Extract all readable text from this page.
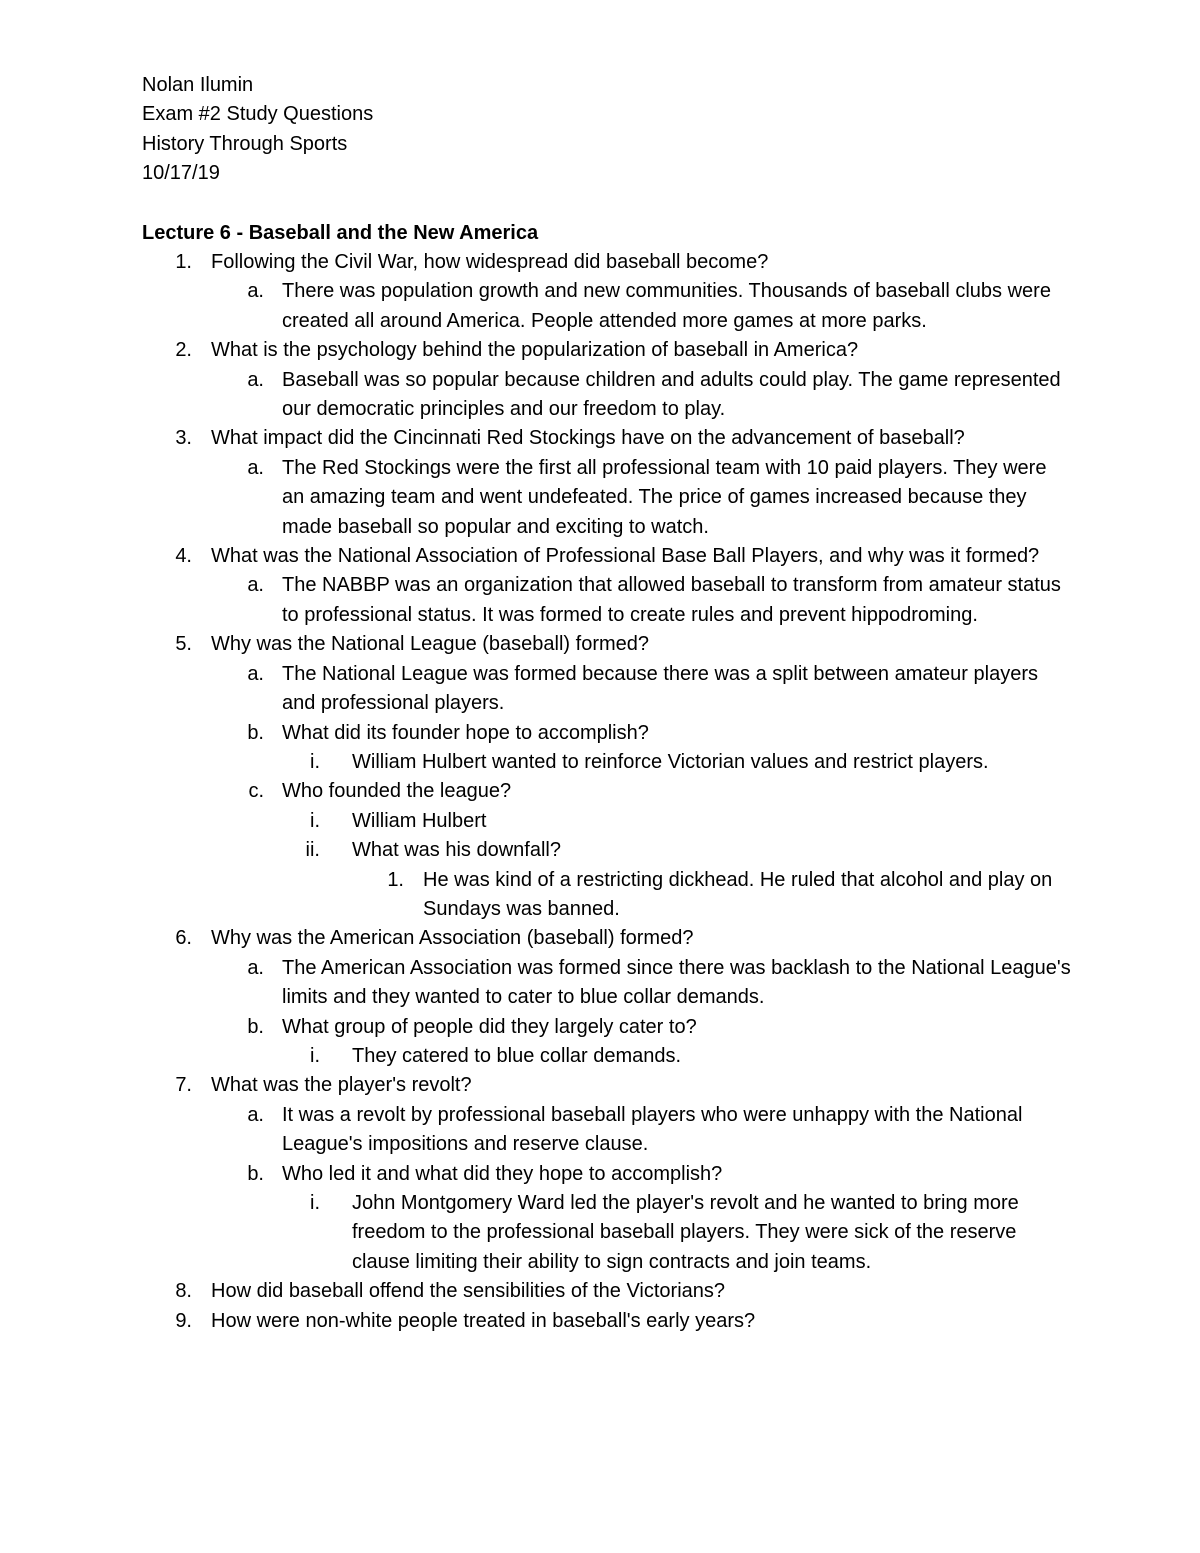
Nolan Ilumin
Exam #2 Study Questions
History Through Sports
10/17/19
Lecture 6 - Baseball and the New America
1. Following the Civil War, how widespread did baseball become?
a. There was population growth and new communities. Thousands of baseball clubs were created all around America. People attended more games at more parks.
2. What is the psychology behind the popularization of baseball in America?
a. Baseball was so popular because children and adults could play. The game represented our democratic principles and our freedom to play.
3. What impact did the Cincinnati Red Stockings have on the advancement of baseball?
a. The Red Stockings were the first all professional team with 10 paid players. They were an amazing team and went undefeated. The price of games increased because they made baseball so popular and exciting to watch.
4. What was the National Association of Professional Base Ball Players, and why was it formed?
a. The NABBP was an organization that allowed baseball to transform from amateur status to professional status. It was formed to create rules and prevent hippodroming.
5. Why was the National League (baseball) formed?
a. The National League was formed because there was a split between amateur players and professional players.
b. What did its founder hope to accomplish?
i. William Hulbert wanted to reinforce Victorian values and restrict players.
c. Who founded the league?
i. William Hulbert
ii. What was his downfall?
1. He was kind of a restricting dickhead. He ruled that alcohol and play on Sundays was banned.
6. Why was the American Association (baseball) formed?
a. The American Association was formed since there was backlash to the National League's limits and they wanted to cater to blue collar demands.
b. What group of people did they largely cater to?
i. They catered to blue collar demands.
7. What was the player's revolt?
a. It was a revolt by professional baseball players who were unhappy with the National League's impositions and reserve clause.
b. Who led it and what did they hope to accomplish?
i. John Montgomery Ward led the player's revolt and he wanted to bring more freedom to the professional baseball players. They were sick of the reserve clause limiting their ability to sign contracts and join teams.
8. How did baseball offend the sensibilities of the Victorians?
9. How were non-white people treated in baseball's early years?
